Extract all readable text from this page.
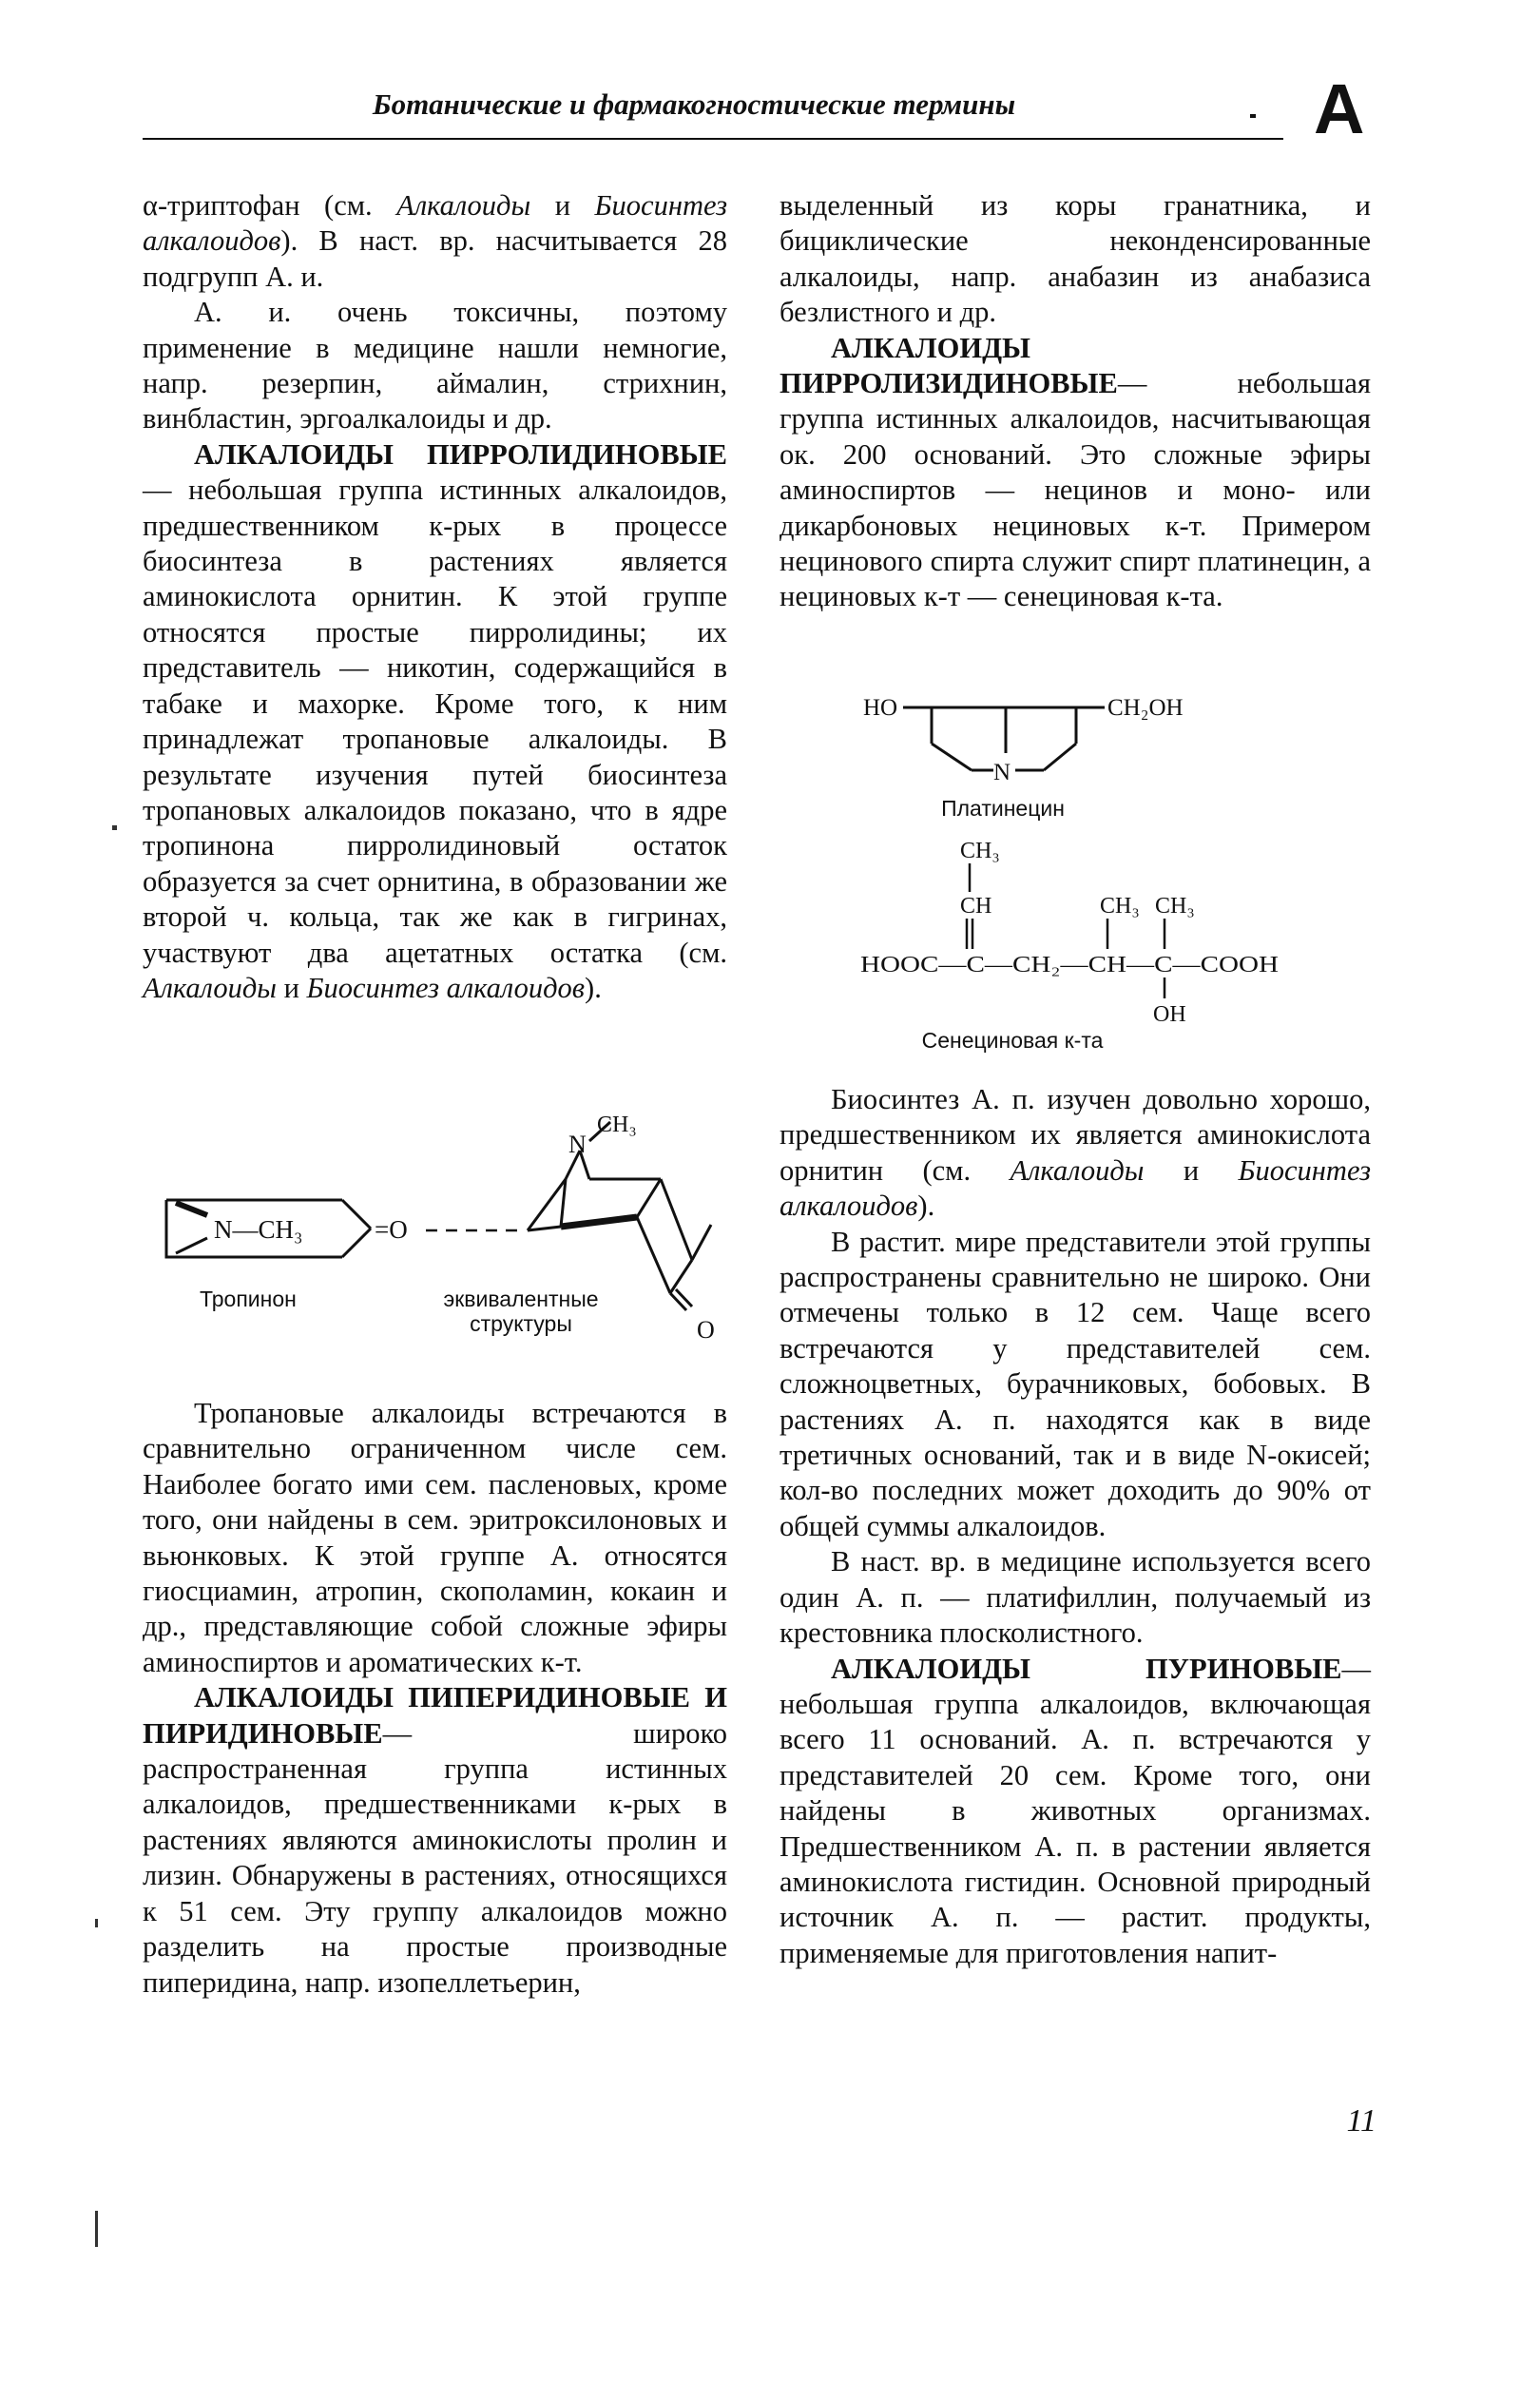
Ботанические и фармакогностические термины	А

α-триптофан (см. Алкалоиды и Биосинтез алкалоидов). В наст. вр. насчитывается 28 подгрупп А. и.

А. и. очень токсичны, поэтому применение в медицине нашли немногие, напр. резерпин, аймалин, стрихнин, винбластин, эргоалкалоиды и др.

АЛКАЛОИДЫ ПИРРОЛИДИНОВЫЕ— небольшая группа истинных алкалоидов, предшественником к-рых в процессе биосинтеза в растениях является аминокислота орнитин. К этой группе относятся простые пирролидины; их представитель — никотин, содержащийся в табаке и махорке. Кроме того, к ним принадлежат тропановые алкалоиды. В результате изучения путей биосинтеза тропановых алкалоидов показано, что в ядре тропинона пирролидиновый остаток образуется за счет орнитина, в образовании же второй ч. кольца, так же как в гигринах, участвуют два ацетатных остатка (см. Алкалоиды и Биосинтез алкалоидов).

N—CH₃	=O
N
CH₃
O
Тропинон	эквивалентные
структуры

Тропановые алкалоиды встречаются в сравнительно ограниченном числе сем. Наиболее богато ими сем. пасленовых, кроме того, они найдены в сем. эритроксилоновых и вьюнковых. К этой группе А. относятся гиосциамин, атропин, скополамин, кокаин и др., представляющие собой сложные эфиры аминоспиртов и ароматических к-т.

АЛКАЛОИДЫ ПИПЕРИДИНОВЫЕ И ПИРИДИНОВЫЕ— широко распространенная группа истинных алкалоидов, предшественниками к-рых в растениях являются аминокислоты пролин и лизин. Обнаружены в растениях, относящихся к 51 сем. Эту группу алкалоидов можно разделить на простые производные пиперидина, напр. изопеллетьерин,

выделенный из коры гранатника, и бициклические неконденсированные алкалоиды, напр. анабазин из анабазиса безлистного и др.

АЛКАЛОИДЫ ПИРРОЛИЗИДИНОВЫЕ— небольшая группа истинных алкалоидов, насчитывающая ок. 200 оснований. Это сложные эфиры аминоспиртов — нецинов и моно- или дикарбоновых нециновых к-т. Примером нецинового спирта служит спирт платинецин, а нециновых к-т — сенециновая к-та.

HO	CH₂OH
N
Платинецин
CH₃
CH	CH₃ CH₃
HOOC—C—CH₂—CH—C—COOH
OH
Сенециновая к-та

Биосинтез А. п. изучен довольно хорошо, предшественником их является аминокислота орнитин (см. Алкалоиды и Биосинтез алкалоидов).

В растит. мире представители этой группы распространены сравнительно не широко. Они отмечены только в 12 сем. Чаще всего встречаются у представителей сем. сложноцветных, бурачниковых, бобовых. В растениях А. п. находятся как в виде третичных оснований, так и в виде N-окисей; кол-во последних может доходить до 90% от общей суммы алкалоидов.

В наст. вр. в медицине используется всего один А. п. — платифиллин, получаемый из крестовника плосколистного.

АЛКАЛОИДЫ ПУРИНОВЫЕ— небольшая группа алкалоидов, включающая всего 11 оснований. А. п. встречаются у представителей 20 сем. Кроме того, они найдены в животных организмах. Предшественником А. п. в растении является аминокислота гистидин. Основной природный источник А. п. — растит. продукты, применяемые для приготовления напит-

11
